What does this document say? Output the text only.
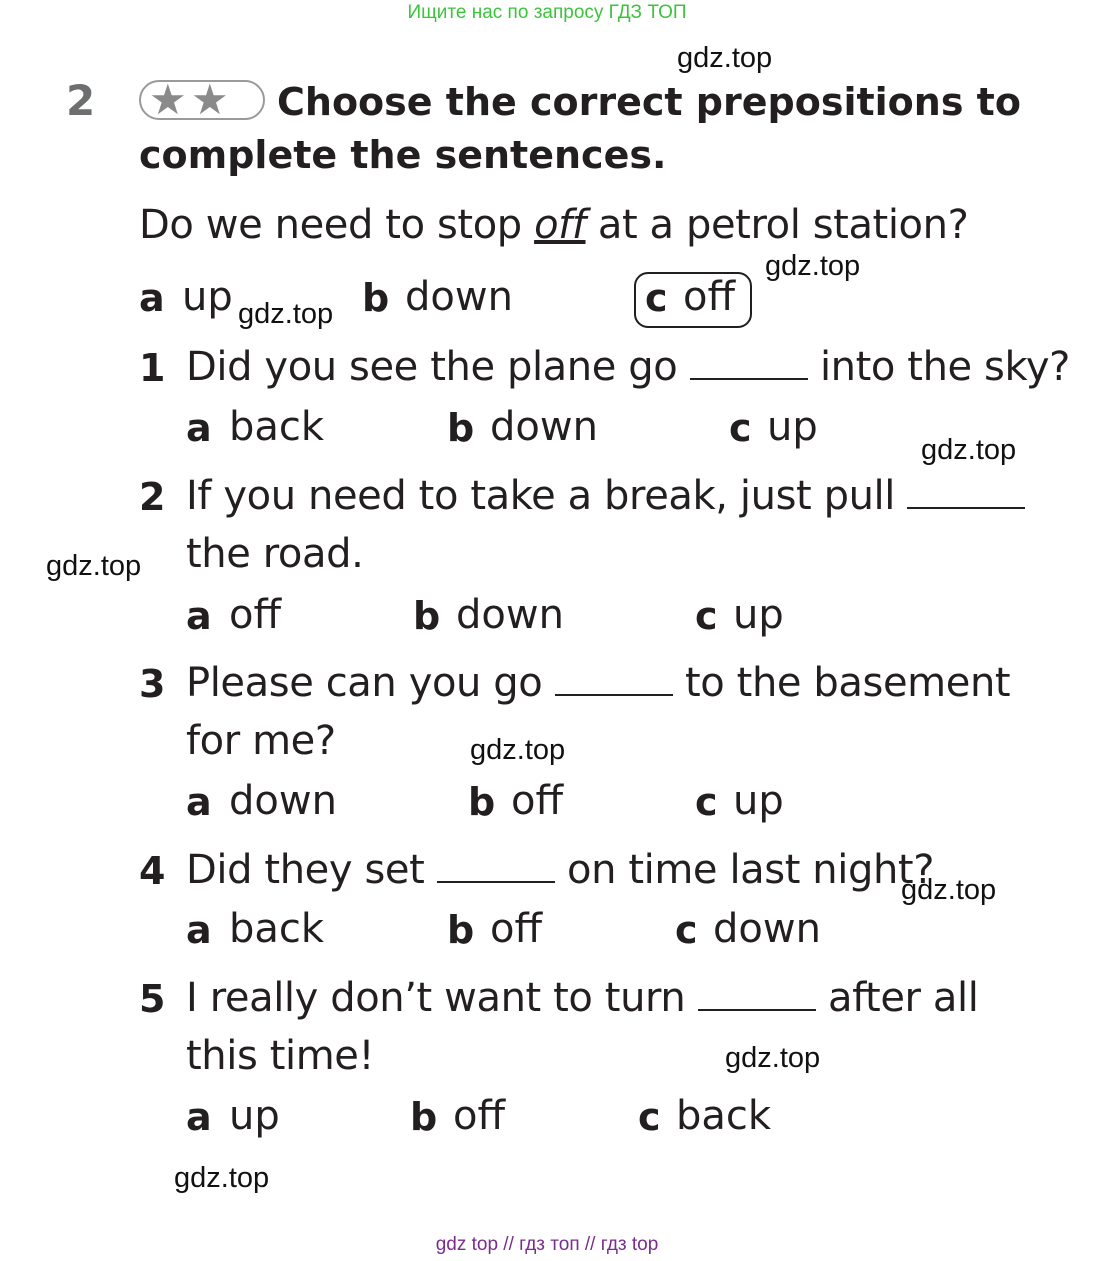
Ищите нас по запросу ГДЗ ТОП
gdz.top
2 ★ ★ Choose the correct prepositions to
complete the sentences.
Do we need to stop off at a petrol station?
gdz.top
a up gdz.top b down	c off
1 Did you see the plane go	into the sky?
a back	b down	c up	gdz.top
2 If you need to take a break, just pull
gdz.top the road.
a off	b down	c up
3 Please can you go	to the basement
for me?	gdz.top
a down	b off	c up
4 Did they set	on time last night?
gdz.top
a back	b off	c down
5 I really don’t want to turn	after all
this time!	gdz.top
a up	b off	c back
gdz.top
gdz top // гдз топ // гдз top
